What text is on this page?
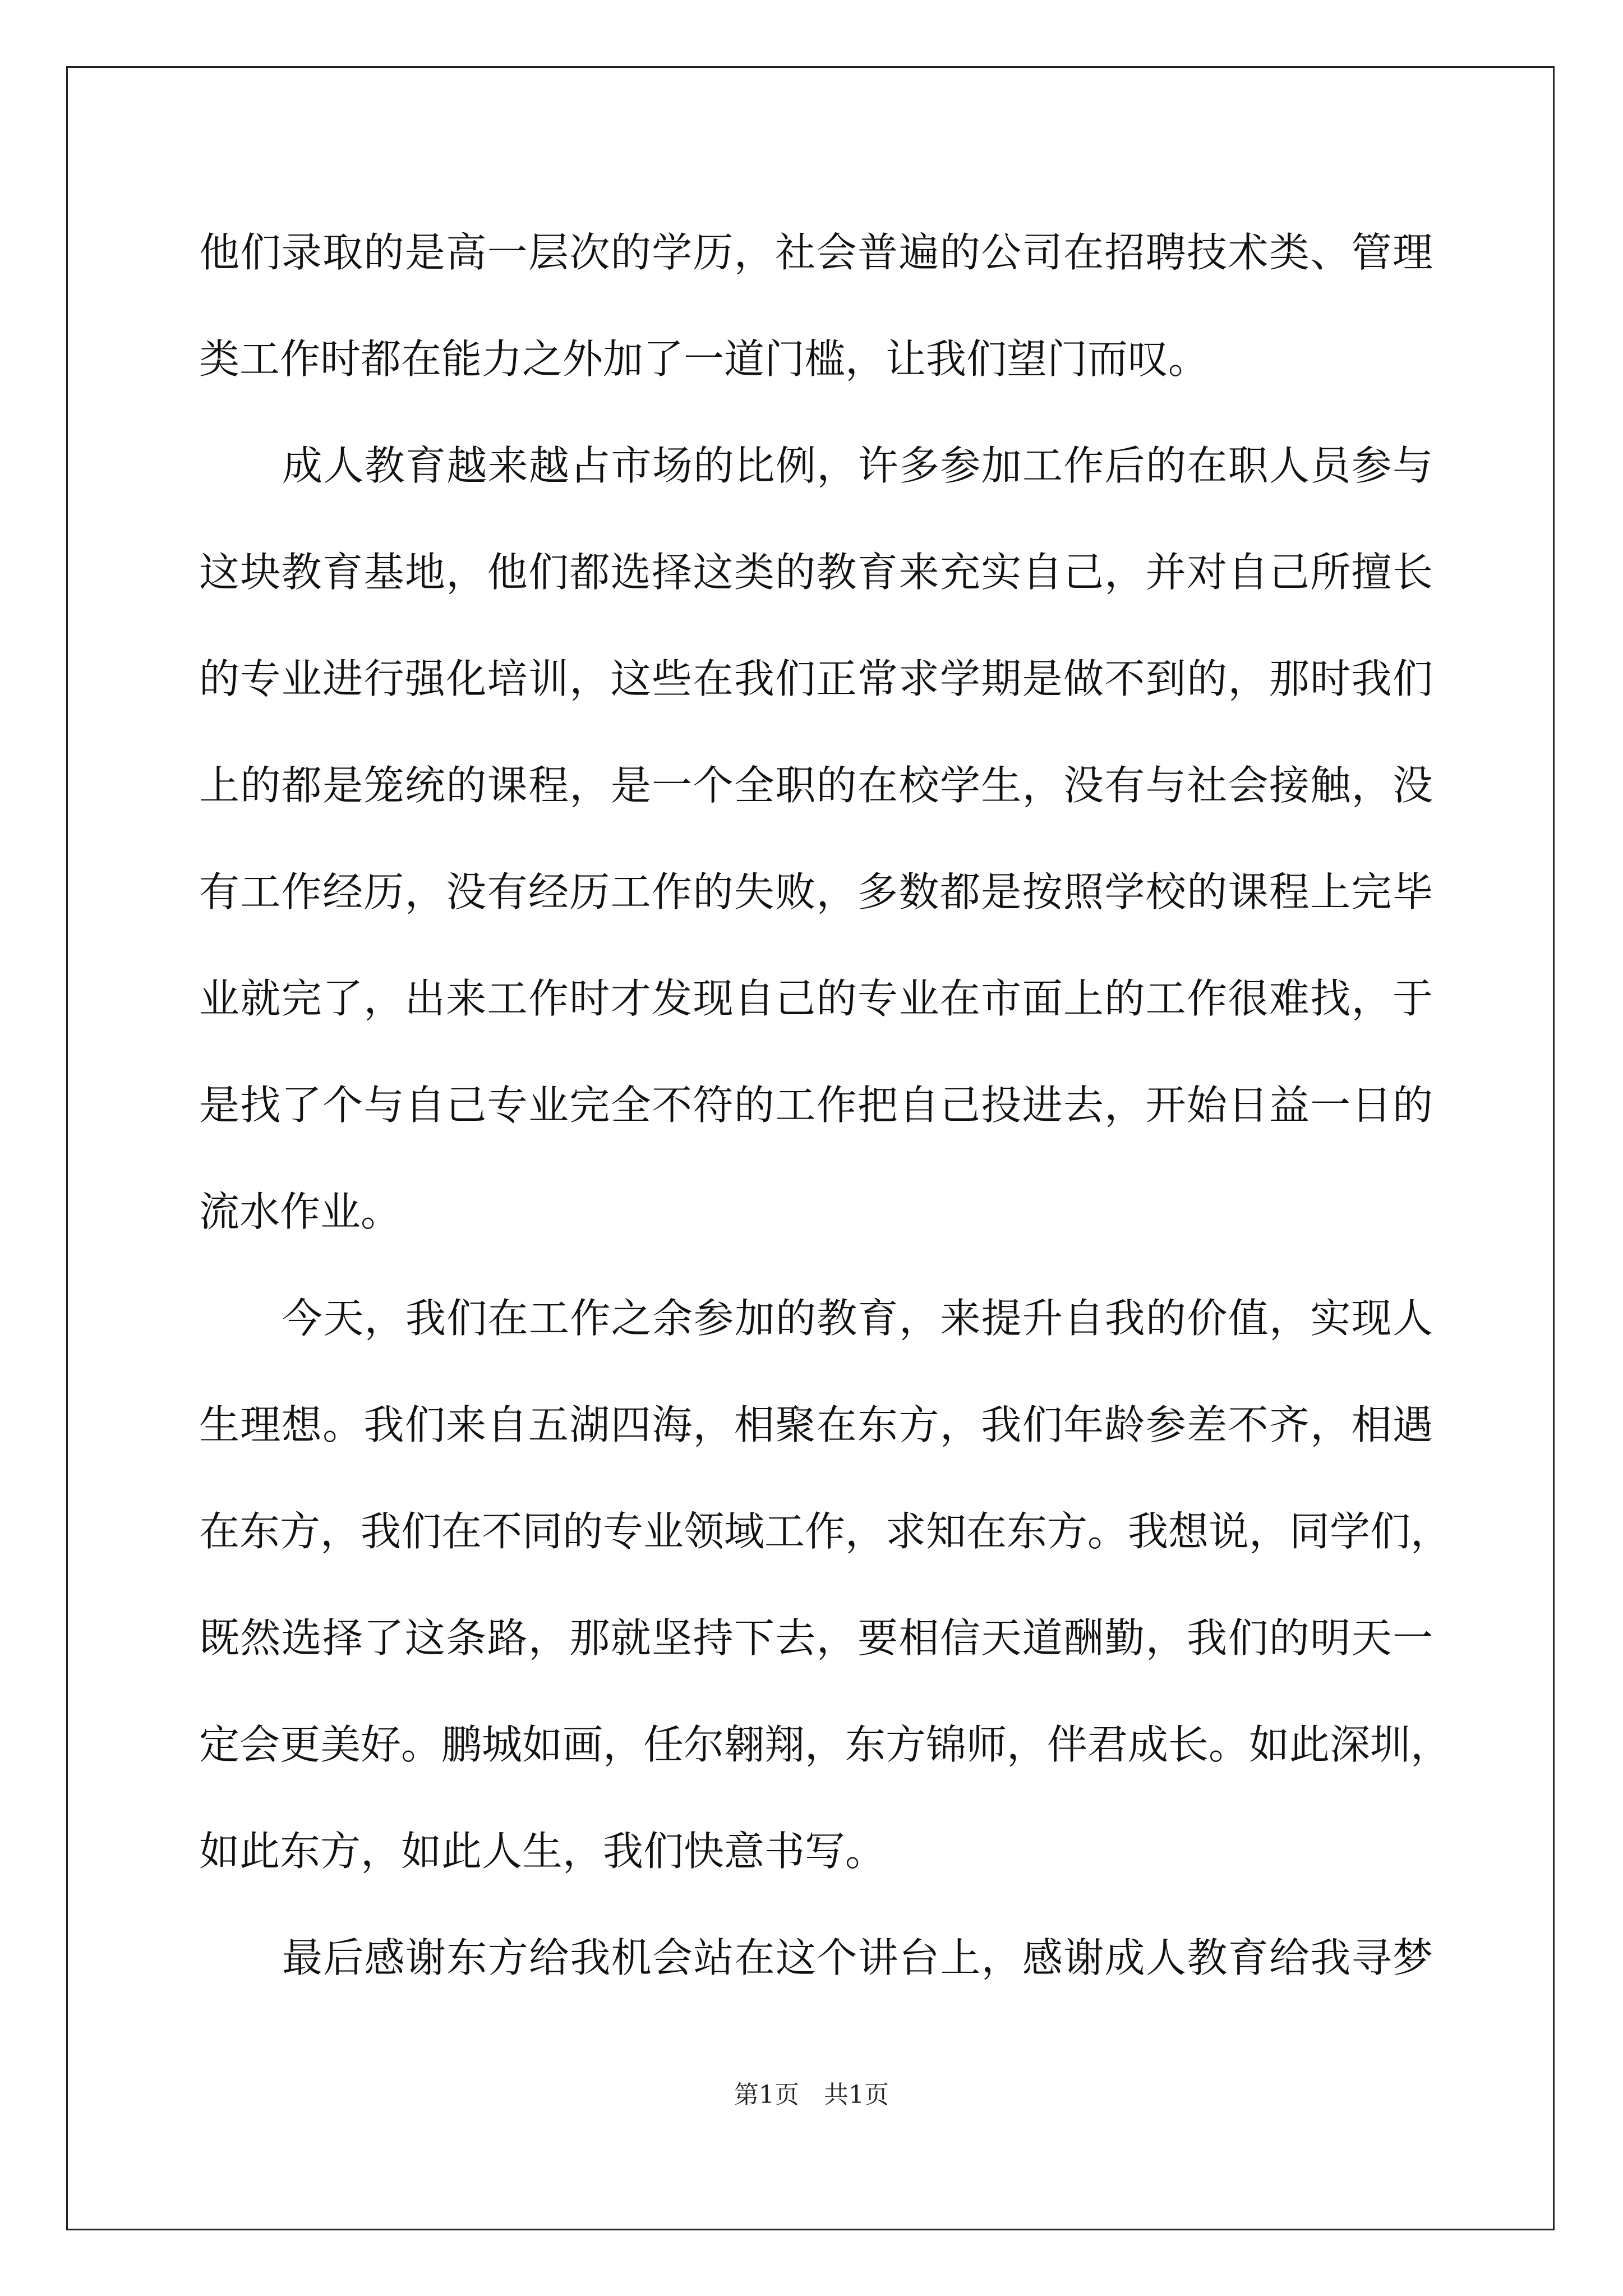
他们录取的是高一层次的学历，社会普遍的公司在招聘技术类、管理
类工作时都在能力之外加了一道门槛，让我们望门而叹。
成人教育越来越占市场的比例，许多参加工作后的在职人员参与
这块教育基地，他们都选择这类的教育来充实自己，并对自己所擅长
的专业进行强化培训，这些在我们正常求学期是做不到的，那时我们
上的都是笼统的课程，是一个全职的在校学生，没有与社会接触，没
有工作经历，没有经历工作的失败，多数都是按照学校的课程上完毕
业就完了，出来工作时才发现自己的专业在市面上的工作很难找，于
是找了个与自己专业完全不符的工作把自己投进去，开始日益一日的
流水作业。
今天，我们在工作之余参加的教育，来提升自我的价值，实现人
生理想。我们来自五湖四海，相聚在东方，我们年龄参差不齐，相遇
在东方，我们在不同的专业领域工作，求知在东方。我想说，同学们，
既然选择了这条路，那就坚持下去，要相信天道酬勤，我们的明天一
定会更美好。鹏城如画，任尔翱翔，东方锦师，伴君成长。如此深圳，
如此东方，如此人生，我们快意书写。
最后感谢东方给我机会站在这个讲台上，感谢成人教育给我寻梦
第1页　共1页
